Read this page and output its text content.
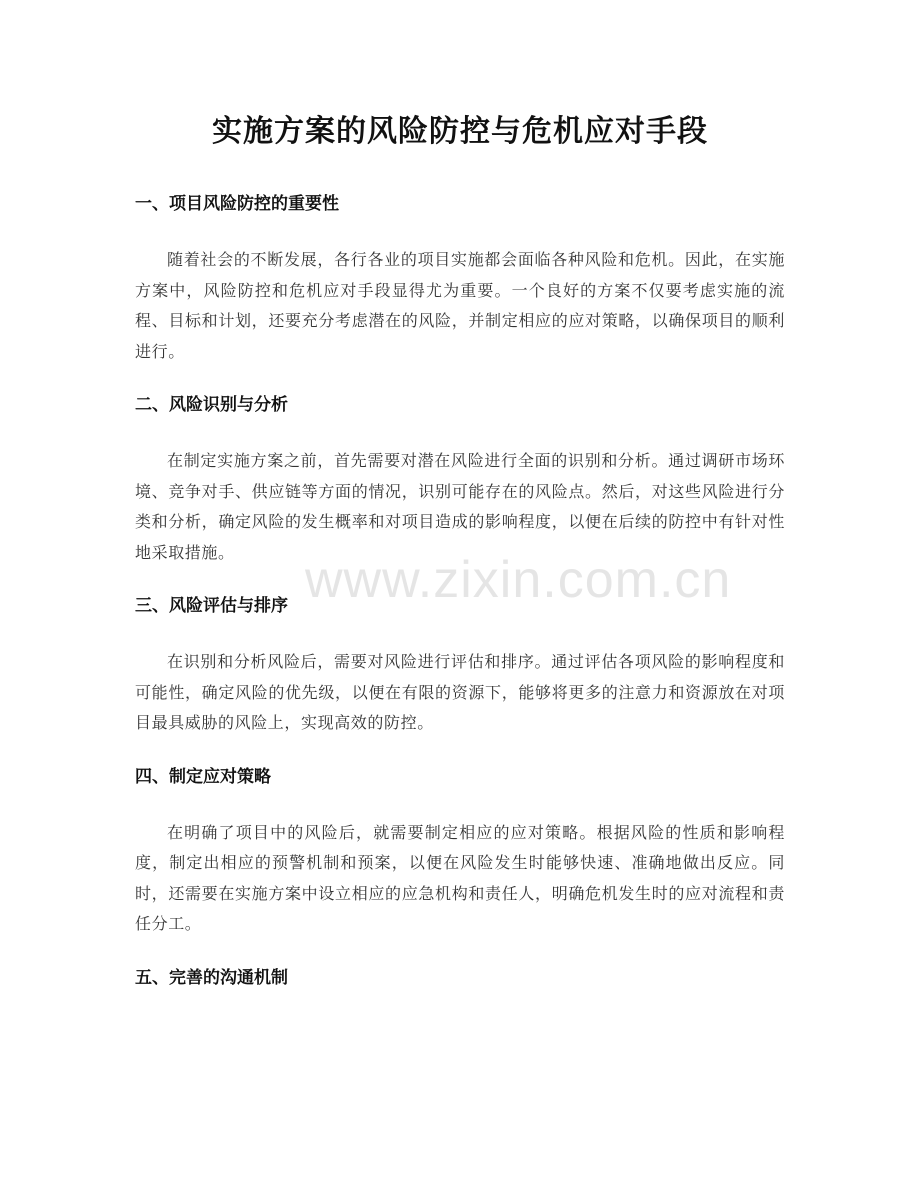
实施方案的风险防控与危机应对手段
一、项目风险防控的重要性

随着社会的不断发展，各行各业的项目实施都会面临各种风险和危机。因此，在实施方案中，风险防控和危机应对手段显得尤为重要。一个良好的方案不仅要考虑实施的流程、目标和计划，还要充分考虑潜在的风险，并制定相应的应对策略，以确保项目的顺利进行。

二、风险识别与分析

在制定实施方案之前，首先需要对潜在风险进行全面的识别和分析。通过调研市场环境、竞争对手、供应链等方面的情况，识别可能存在的风险点。然后，对这些风险进行分类和分析，确定风险的发生概率和对项目造成的影响程度，以便在后续的防控中有针对性地采取措施。

三、风险评估与排序

在识别和分析风险后，需要对风险进行评估和排序。通过评估各项风险的影响程度和可能性，确定风险的优先级，以便在有限的资源下，能够将更多的注意力和资源放在对项目最具威胁的风险上，实现高效的防控。

四、制定应对策略

在明确了项目中的风险后，就需要制定相应的应对策略。根据风险的性质和影响程度，制定出相应的预警机制和预案，以便在风险发生时能够快速、准确地做出反应。同时，还需要在实施方案中设立相应的应急机构和责任人，明确危机发生时的应对流程和责任分工。

五、完善的沟通机制
www.zixin.com.cn
